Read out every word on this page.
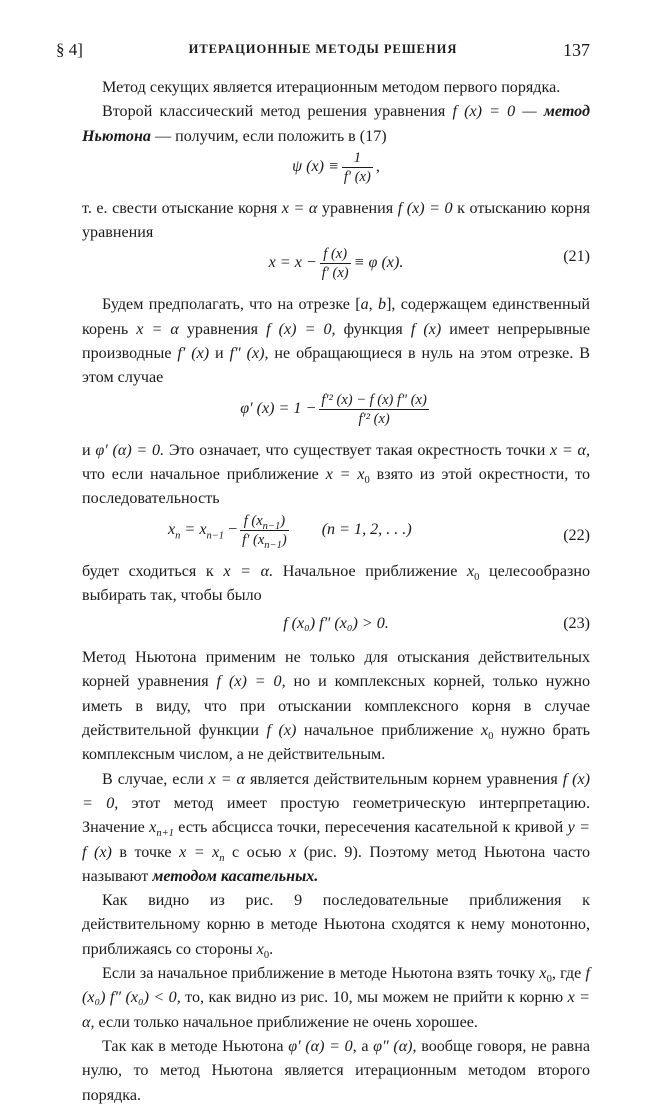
§ 4]	ИТЕРАЦИОННЫЕ МЕТОДЫ РЕШЕНИЯ	137

Метод секущих является итерационным методом первого порядка.

Второй классический метод решения уравнения f (x) = 0 — метод Ньютона — получим, если положить в (17)

ψ $(x) \equiv \frac{1}{f' (x)}$ ,

т. е. свести отыскание корня x = α уравнения f (x) = 0 к отысканию корня уравнения

$x = x - \frac{f (x)}{f' (x)} \equiv \varphi$ (x).	(21)

Будем предполагать, что на отрезке [a, b], содержащем единственный корень x = α уравнения f (x) = 0, функция f (x) имеет непрерывные производные f′ (x) и f″ (x), не обращающиеся в нуль на этом отрезке. В этом случае

φ′ $(x) = 1 - \frac{\text{f′² (x) − f (x) f″ (x)}}{\text{f′² (x)}}$

и φ′ (α) = 0. Это означает, что существует такая окрестность точки x = α, что если начальное приближение $x = x_0$ взято из этой окрестности, то последовательность

$x_n = x_{n-1} - \frac{f (x_{n-1})}{f' (x_{n-1})} (n = 1$, 2, . . .)	(22)

будет сходиться к x = α. Начальное приближение $x_0$ целесообразно выбирать так, чтобы было

f (x₀) f″ (x₀) > 0.	(23)

Метод Ньютона применим не только для отыскания действительных корней уравнения f (x) = 0, но и комплексных корней, только нужно иметь в виду, что при отыскании комплексного корня в случае действительной функции f (x) начальное приближение $x_0$ нужно брать комплексным числом, а не действительным.

В случае, если x = α является действительным корнем уравнения f (x) = 0, этот метод имеет простую геометрическую интерпретацию. Значение $x_{n+1}$ есть абсцисса точки, пересечения касательной к кривой y = f (x) в точке $x = x_n$ с осью x (рис. 9). Поэтому метод Ньютона часто называют методом касательных.

Как видно из рис. 9 последовательные приближения к действительному корню в методе Ньютона сходятся к нему монотонно, приближаясь со стороны $x_0$.

Если за начальное приближение в методе Ньютона взять точку $x_0$, где f (x₀) f″ (x₀) < 0, то, как видно из рис. 10, мы можем не прийти к корню x = α, если только начальное приближение не очень хорошее.

Так как в методе Ньютона φ′ (α) = 0, а φ″ (α), вообще говоря, не равна нулю, то метод Ньютона является итерационным методом второго порядка.
